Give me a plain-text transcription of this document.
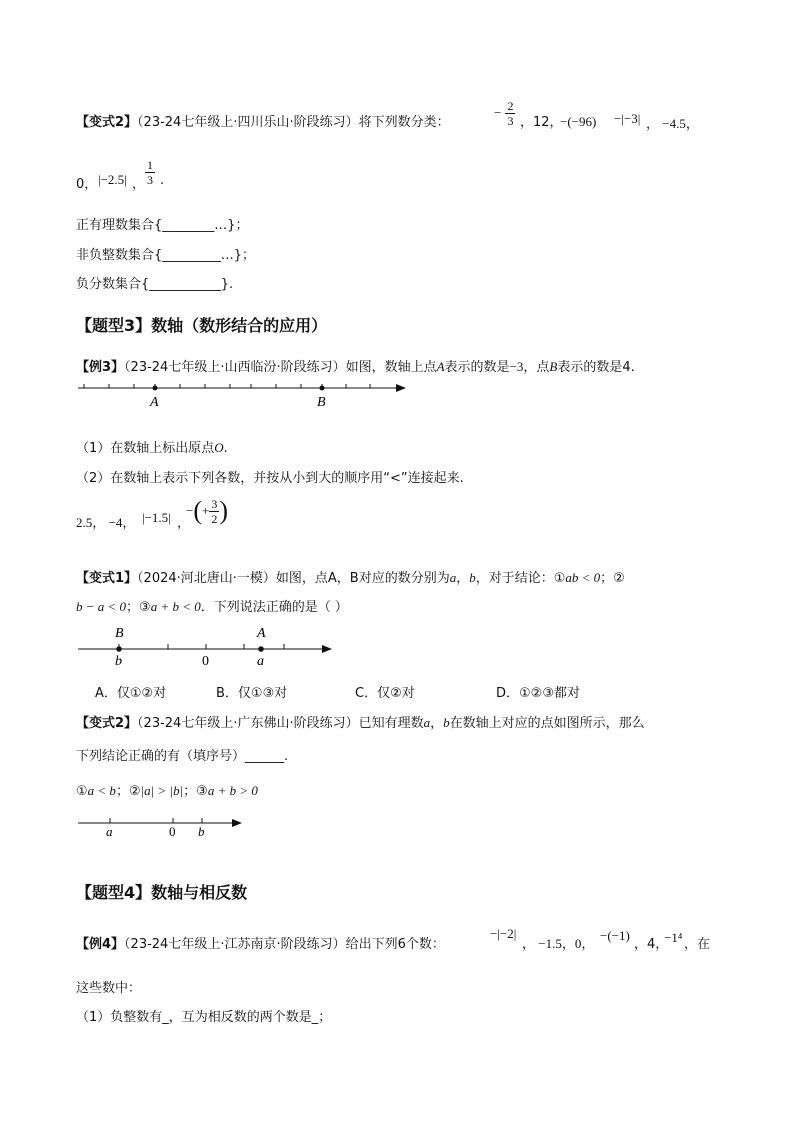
【变式2】（23-24七年级上·四川乐山·阶段练习）将下列数分类：
− $\frac{2}{3}$ ，12，
−(−96) −|−3| ， −4.5，
0， |−2.5| ， $\frac{1}{3}$ .
正有理数集合{________…}；
非负整数集合{_________…}；
负分数集合{___________}.
【题型3】数轴（数形结合的应用）
【例3】（23-24七年级上·山西临汾·阶段练习）如图，数轴上点A表示的数是−3，点B表示的数是4.
A	B
（1）在数轴上标出原点O.
（2）在数轴上表示下列各数，并按从小到大的顺序用“<”连接起来.
2.5， −4， |−1.5| ，
−(+ $\frac{3}{2}$ )
【变式1】（2024·河北唐山·一模）如图，点A，B对应的数分别为a，b，对于结论：①ab < 0；②
b − a < 0；③a + b < 0．下列说法正确的是（ ）
B	A
b	0	a
A．仅①②对	B．仅①③对	C．仅②对	D．①②③都对
【变式2】（23-24七年级上·广东佛山·阶段练习）已知有理数a，b在数轴上对应的点如图所示，那么
下列结论正确的有（填序号）______.
①a < b；②|a| > |b|；③a + b > 0
a	0 b
【题型4】数轴与相反数
【例4】（23-24七年级上·江苏南京·阶段练习）给出下列6个数：
−|−2|
， −1.5，0，
−(−1)
，4，
−1⁴ ，在
这些数中：
（1）负整数有_，互为相反数的两个数是_；
